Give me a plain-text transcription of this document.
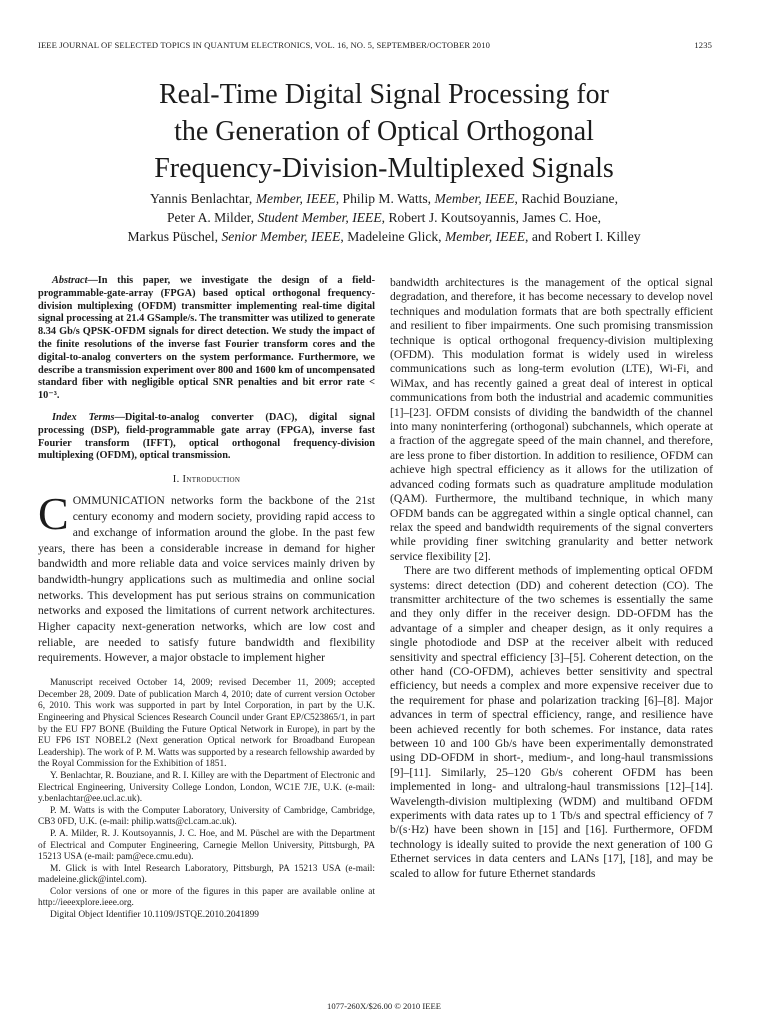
IEEE JOURNAL OF SELECTED TOPICS IN QUANTUM ELECTRONICS, VOL. 16, NO. 5, SEPTEMBER/OCTOBER 2010	1235
Real-Time Digital Signal Processing for
the Generation of Optical Orthogonal
Frequency-Division-Multiplexed Signals
Yannis Benlachtar, Member, IEEE, Philip M. Watts, Member, IEEE, Rachid Bouziane,
Peter A. Milder, Student Member, IEEE, Robert J. Koutsoyannis, James C. Hoe,
Markus Püschel, Senior Member, IEEE, Madeleine Glick, Member, IEEE, and Robert I. Killey

Abstract—In this paper, we investigate the design of a field-programmable-gate-array (FPGA) based optical orthogonal frequency-division multiplexing (OFDM) transmitter implementing real-time digital signal processing at 21.4 GSample/s. The transmitter was utilized to generate 8.34 Gb/s QPSK-OFDM signals for direct detection. We study the impact of the finite resolutions of the inverse fast Fourier transform cores and the digital-to-analog converters on the system performance. Furthermore, we describe a transmission experiment over 800 and 1600 km of uncompensated standard fiber with negligible optical SNR penalties and bit error rate < 10⁻³.

Index Terms—Digital-to-analog converter (DAC), digital signal processing (DSP), field-programmable gate array (FPGA), inverse fast Fourier transform (IFFT), optical orthogonal frequency-division multiplexing (OFDM), optical transmission.

I. Introduction

COMMUNICATION networks form the backbone of the 21st century economy and modern society, providing rapid access to and exchange of information around the globe. In the past few years, there has been a considerable increase in demand for higher bandwidth and more reliable data and voice services mainly driven by bandwidth-hungry applications such as multimedia and online social networks. This development has put serious strains on communication networks and exposed the limitations of current network architectures. Higher capacity next-generation networks, which are low cost and reliable, are needed to satisfy future bandwidth and flexibility requirements. However, a major obstacle to implement higher

Manuscript received October 14, 2009; revised December 11, 2009; accepted December 28, 2009. Date of publication March 4, 2010; date of current version October 6, 2010. This work was supported in part by Intel Corporation, in part by the U.K. Engineering and Physical Sciences Research Council under Grant EP/C523865/1, in part by the EU FP7 BONE (Building the Future Optical Network in Europe), in part by the EU FP6 IST NOBEL2 (Next generation Optical network for Broadband European Leadership). The work of P. M. Watts was supported by a research fellowship awarded by the Royal Commission for the Exhibition of 1851.

Y. Benlachtar, R. Bouziane, and R. I. Killey are with the Department of Electronic and Electrical Engineering, University College London, London, WC1E 7JE, U.K. (e-mail: y.benlachtar@ee.ucl.ac.uk).

P. M. Watts is with the Computer Laboratory, University of Cambridge, Cambridge, CB3 0FD, U.K. (e-mail: philip.watts@cl.cam.ac.uk).

P. A. Milder, R. J. Koutsoyannis, J. C. Hoe, and M. Püschel are with the Department of Electrical and Computer Engineering, Carnegie Mellon University, Pittsburgh, PA 15213 USA (e-mail: pam@ece.cmu.edu).

M. Glick is with Intel Research Laboratory, Pittsburgh, PA 15213 USA (e-mail: madeleine.glick@intel.com).

Color versions of one or more of the figures in this paper are available online at http://ieeexplore.ieee.org.

Digital Object Identifier 10.1109/JSTQE.2010.2041899

bandwidth architectures is the management of the optical signal degradation, and therefore, it has become necessary to develop novel techniques and modulation formats that are both spectrally efficient and resilient to fiber impairments. One such promising transmission technique is optical orthogonal frequency-division multiplexing (OFDM). This modulation format is widely used in wireless communications such as long-term evolution (LTE), Wi-Fi, and WiMax, and has recently gained a great deal of interest in optical communications from both the industrial and academic communities [1]–[23]. OFDM consists of dividing the bandwidth of the channel into many noninterfering (orthogonal) subchannels, which operate at a fraction of the aggregate speed of the main channel, and therefore, are less prone to fiber distortion. In addition to resilience, OFDM can achieve high spectral efficiency as it allows for the utilization of advanced coding formats such as quadrature amplitude modulation (QAM). Furthermore, the multiband technique, in which many OFDM bands can be aggregated within a single optical channel, can relax the speed and bandwidth requirements of the signal converters while providing finer switching granularity and better network service flexibility [2].

There are two different methods of implementing optical OFDM systems: direct detection (DD) and coherent detection (CO). The transmitter architecture of the two schemes is essentially the same and they only differ in the receiver design. DD-OFDM has the advantage of a simpler and cheaper design, as it only requires a single photodiode and DSP at the receiver albeit with reduced sensitivity and spectral efficiency [3]–[5]. Coherent detection, on the other hand (CO-OFDM), achieves better sensitivity and spectral efficiency, but needs a complex and more expensive receiver due to the requirement for phase and polarization tracking [6]–[8]. Major advances in term of spectral efficiency, range, and resilience have been achieved recently for both schemes. For instance, data rates between 10 and 100 Gb/s have been experimentally demonstrated using DD-OFDM in short-, medium-, and long-haul transmissions [9]–[11]. Similarly, 25–120 Gb/s coherent OFDM has been implemented in long- and ultralong-haul transmissions [12]–[14]. Wavelength-division multiplexing (WDM) and multiband OFDM experiments with data rates up to 1 Tb/s and spectral efficiency of 7 b/(s·Hz) have been shown in [15] and [16]. Furthermore, OFDM technology is ideally suited to provide the next generation of 100 G Ethernet services in data centers and LANs [17], [18], and may be scaled to allow for future Ethernet standards

1077-260X/$26.00 © 2010 IEEE
